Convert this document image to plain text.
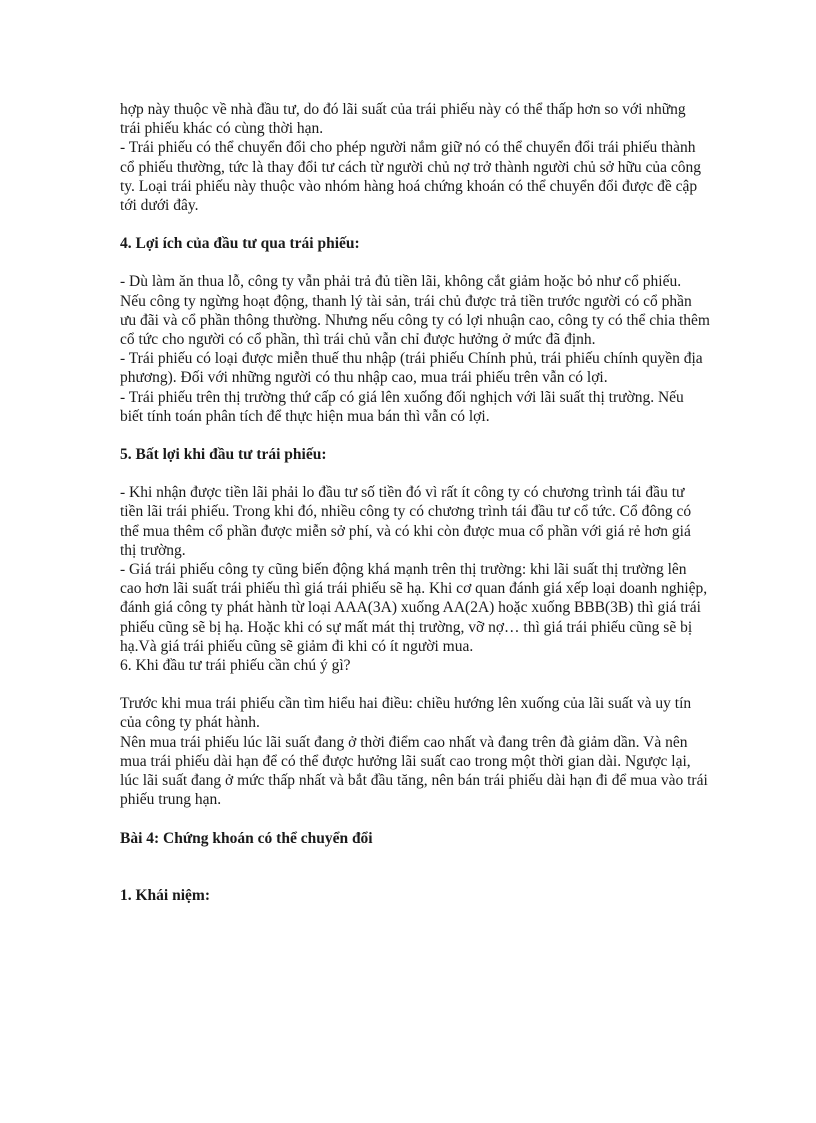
hợp này thuộc về nhà đầu tư, do đó lãi suất của trái phiếu này có thể thấp hơn so với những trái phiếu khác có cùng thời hạn.

- Trái phiếu có thể chuyển đổi cho phép người nắm giữ nó có thể chuyển đổi trái phiếu thành cổ phiếu thường, tức là thay đổi tư cách từ người chủ nợ trở thành người chủ sở hữu của công ty. Loại trái phiếu này thuộc vào nhóm hàng hoá chứng khoán có thể chuyển đổi được đề cập tới dưới đây.

4. Lợi ích của đầu tư qua trái phiếu:

- Dù làm ăn thua lỗ, công ty vẫn phải trả đủ tiền lãi, không cắt giảm hoặc bỏ như cổ phiếu. Nếu công ty ngừng hoạt động, thanh lý tài sản, trái chủ được trả tiền trước người có cổ phần ưu đãi và cổ phần thông thường. Nhưng nếu công ty có lợi nhuận cao, công ty có thể chia thêm cổ tức cho người có cổ phần, thì trái chủ vẫn chỉ được hưởng ở mức đã định.

- Trái phiếu có loại được miễn thuế thu nhập (trái phiếu Chính phủ, trái phiếu chính quyền địa phương). Đối với những người có thu nhập cao, mua trái phiếu trên vẫn có lợi.

- Trái phiếu trên thị trường thứ cấp có giá lên xuống đối nghịch với lãi suất thị trường. Nếu biết tính toán phân tích để thực hiện mua bán thì vẫn có lợi.

5. Bất lợi khi đầu tư trái phiếu:

- Khi nhận được tiền lãi phải lo đầu tư số tiền đó vì rất ít công ty có chương trình tái đầu tư tiền lãi trái phiếu. Trong khi đó, nhiều công ty có chương trình tái đầu tư cổ tức. Cổ đông có thể mua thêm cổ phần được miễn sở phí, và có khi còn được mua cổ phần với giá rẻ hơn giá thị trường.

- Giá trái phiếu công ty cũng biến động khá mạnh trên thị trường: khi lãi suất thị trường lên cao hơn lãi suất trái phiếu thì giá trái phiếu sẽ hạ. Khi cơ quan đánh giá xếp loại doanh nghiệp, đánh giá công ty phát hành từ loại AAA(3A) xuống AA(2A) hoặc xuống BBB(3B) thì giá trái phiếu cũng sẽ bị hạ. Hoặc khi có sự mất mát thị trường, vỡ nợ… thì giá trái phiếu cũng sẽ bị hạ.Và giá trái phiếu cũng sẽ giảm đi khi có ít người mua.

6. Khi đầu tư trái phiếu cần chú ý gì?

Trước khi mua trái phiếu cần tìm hiểu hai điều: chiều hướng lên xuống của lãi suất và uy tín của công ty phát hành.

Nên mua trái phiếu lúc lãi suất đang ở thời điểm cao nhất và đang trên đà giảm dần. Và nên mua trái phiếu dài hạn để có thể được hưởng lãi suất cao trong một thời gian dài. Ngược lại, lúc lãi suất đang ở mức thấp nhất và bắt đầu tăng, nên bán trái phiếu dài hạn đi để mua vào trái phiếu trung hạn.

Bài 4: Chứng khoán có thể chuyển đổi

1. Khái niệm:
